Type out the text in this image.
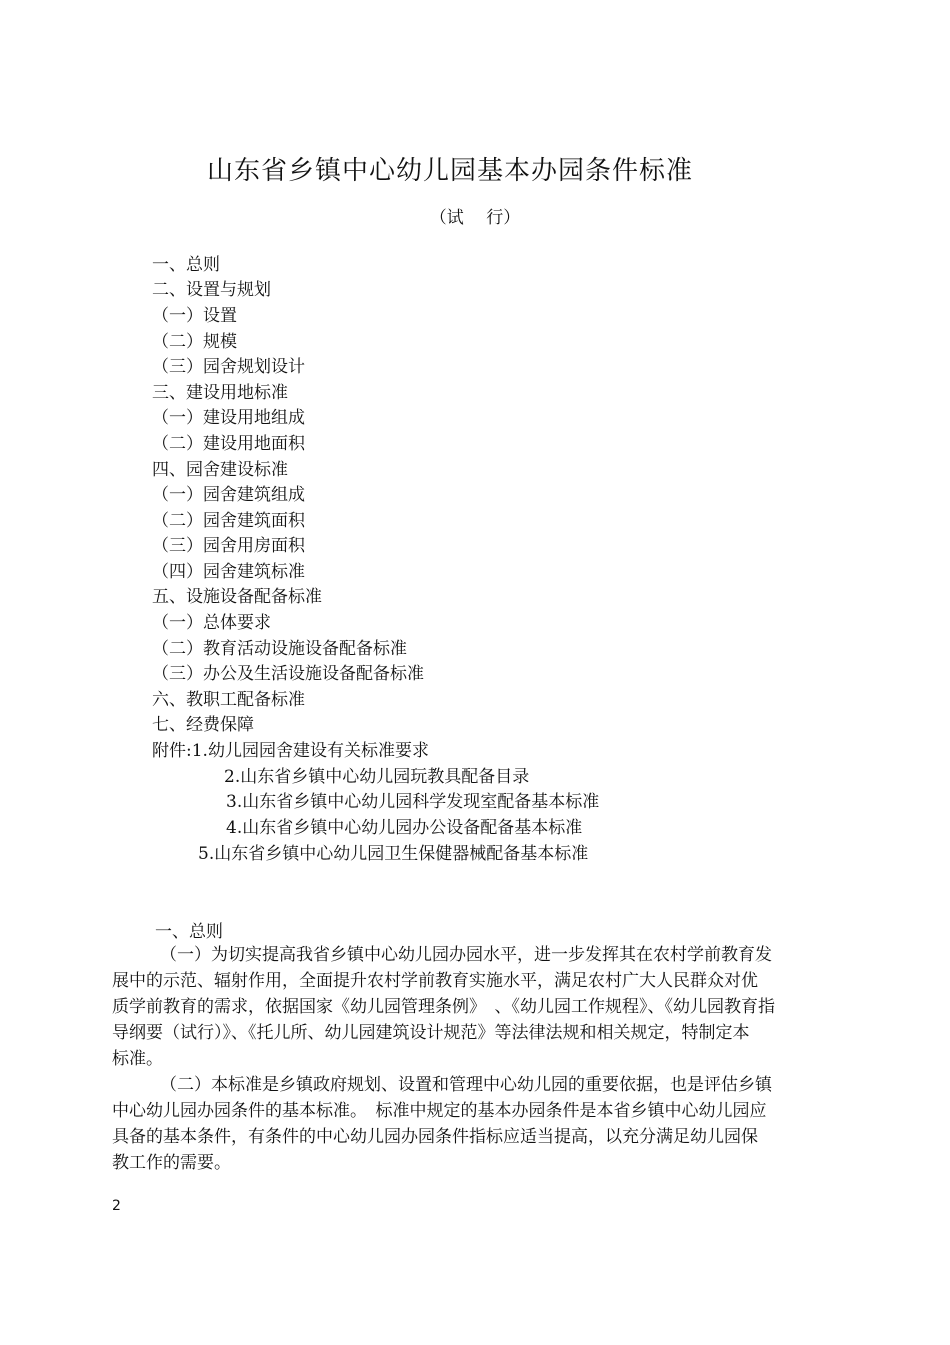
山东省乡镇中心幼儿园基本办园条件标准
（试　 行）
一、总则
二、设置与规划
（一）设置
（二）规模
（三）园舍规划设计
三、建设用地标准
（一）建设用地组成
（二）建设用地面积
四、园舍建设标准
（一）园舍建筑组成
（二）园舍建筑面积
（三）园舍用房面积
（四）园舍建筑标准
五、设施设备配备标准
（一）总体要求
（二）教育活动设施设备配备标准
（三）办公及生活设施设备配备标准
六、教职工配备标准
七、经费保障
附件:1.幼儿园园舍建设有关标准要求
2.山东省乡镇中心幼儿园玩教具配备目录
3.山东省乡镇中心幼儿园科学发现室配备基本标准
4.山东省乡镇中心幼儿园办公设备配备基本标准
5.山东省乡镇中心幼儿园卫生保健器械配备基本标准
一、总则
（一）为切实提高我省乡镇中心幼儿园办园水平，进一步发挥其在农村学前教育发
展中的示范、辐射作用，全面提升农村学前教育实施水平，满足农村广大人民群众对优
质学前教育的需求，依据国家《幼儿园管理条例》　、《幼儿园工作规程》、《幼儿园教育指
导纲要（试行）》、《托儿所、幼儿园建筑设计规范》等法律法规和相关规定，特制定本
标准。
（二）本标准是乡镇政府规划、设置和管理中心幼儿园的重要依据，也是评估乡镇
中心幼儿园办园条件的基本标准。　标准中规定的基本办园条件是本省乡镇中心幼儿园应
具备的基本条件，有条件的中心幼儿园办园条件指标应适当提高，以充分满足幼儿园保
教工作的需要。
2
